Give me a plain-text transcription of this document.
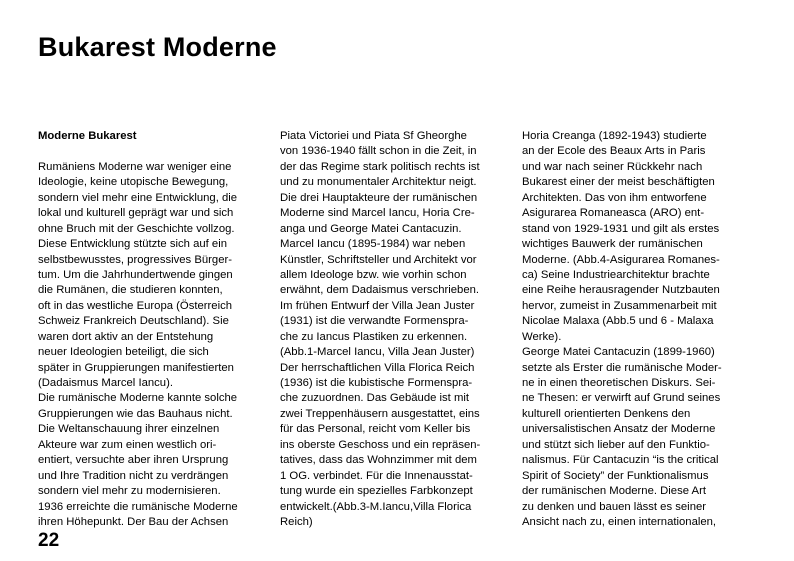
Bukarest Moderne
Moderne Bukarest
Rumäniens Moderne war weniger eine
Ideologie, keine utopische Bewegung,
sondern viel mehr eine Entwicklung, die
lokal und kulturell geprägt war und sich
ohne Bruch mit der Geschichte vollzog.
Diese Entwicklung stützte sich auf ein
selbstbewusstes, progressives Bürger-
tum. Um die Jahrhundertwende gingen
die Rumänen, die studieren konnten,
oft in das westliche Europa (Österreich
Schweiz Frankreich Deutschland). Sie
waren dort aktiv an der Entstehung
neuer Ideologien beteiligt, die sich
später in Gruppierungen manifestierten
(Dadaismus Marcel Iancu).
Die rumänische Moderne kannte solche
Gruppierungen wie das Bauhaus nicht.
Die Weltanschauung ihrer einzelnen
Akteure war zum einen westlich ori-
entiert, versuchte aber ihren Ursprung
und Ihre Tradition nicht zu verdrängen
sondern viel mehr zu modernisieren.
1936 erreichte die rumänische Moderne
ihren Höhepunkt. Der Bau der Achsen
Piata Victoriei und Piata Sf Gheorghe
von 1936-1940 fällt schon in die Zeit, in
der das Regime stark politisch rechts ist
und zu monumentaler Architektur neigt.
Die drei Hauptakteure der rumänischen
Moderne sind Marcel Iancu, Horia Cre-
anga und George Matei Cantacuzin.
Marcel Iancu (1895-1984) war neben
Künstler, Schriftsteller und Architekt vor
allem Ideologe bzw. wie vorhin schon
erwähnt, dem Dadaismus verschrieben.
Im frühen Entwurf der Villa Jean Juster
(1931) ist die verwandte Formenspra-
che zu Iancus Plastiken zu erkennen.
(Abb.1-Marcel Iancu, Villa Jean Juster)
Der herrschaftlichen Villa Florica Reich
(1936) ist die kubistische Formenspra-
che zuzuordnen. Das Gebäude ist mit
zwei Treppenhäusern ausgestattet, eins
für das Personal, reicht vom Keller bis
ins oberste Geschoss und ein repräsen-
tatives, dass das Wohnzimmer mit dem
1 OG. verbindet. Für die Innenausstat-
tung wurde ein spezielles Farbkonzept
entwickelt.(Abb.3-M.Iancu,Villa Florica
Reich)
Horia Creanga (1892-1943) studierte
an der Ecole des Beaux Arts in Paris
und war nach seiner Rückkehr nach
Bukarest einer der meist beschäftigten
Architekten. Das von ihm entworfene
Asigurarea Romaneasca (ARO) ent-
stand von 1929-1931 und gilt als erstes
wichtiges Bauwerk der rumänischen
Moderne. (Abb.4-Asigurarea Romanes-
ca) Seine Industriearchitektur brachte
eine Reihe herausragender Nutzbauten
hervor, zumeist in Zusammenarbeit mit
Nicolae Malaxa (Abb.5 und 6 - Malaxa
Werke).
George Matei Cantacuzin (1899-1960)
setzte als Erster die rumänische Moder-
ne in einen theoretischen Diskurs. Sei-
ne Thesen: er verwirft auf Grund seines
kulturell orientierten Denkens den
universalistischen Ansatz der Moderne
und stützt sich lieber auf den Funktio-
nalismus. Für Cantacuzin “is the critical
Spirit of Society” der Funktionalismus
der rumänischen Moderne. Diese Art
zu denken und bauen lässt es seiner
Ansicht nach zu, einen internationalen,
22
